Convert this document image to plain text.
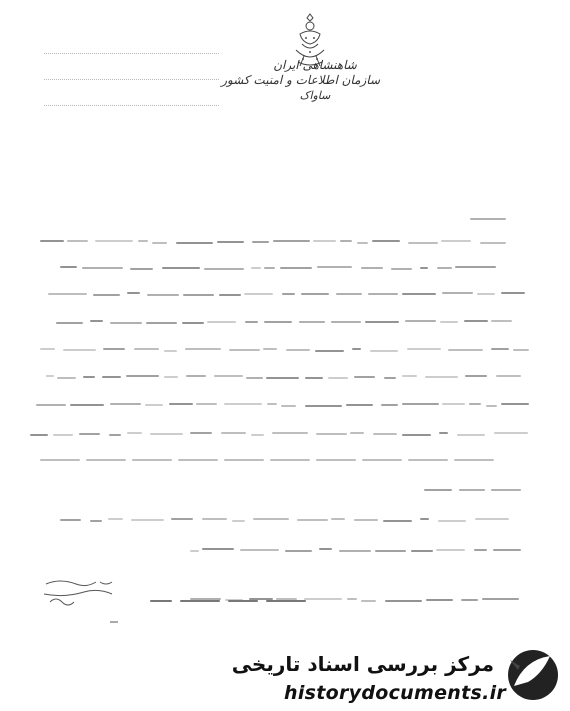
شاهنشاهی ایران
سازمان اطلاعات و امنیت کشور
ساواک
مرکز بررسی اسناد تاریخی
historydocuments.ir
